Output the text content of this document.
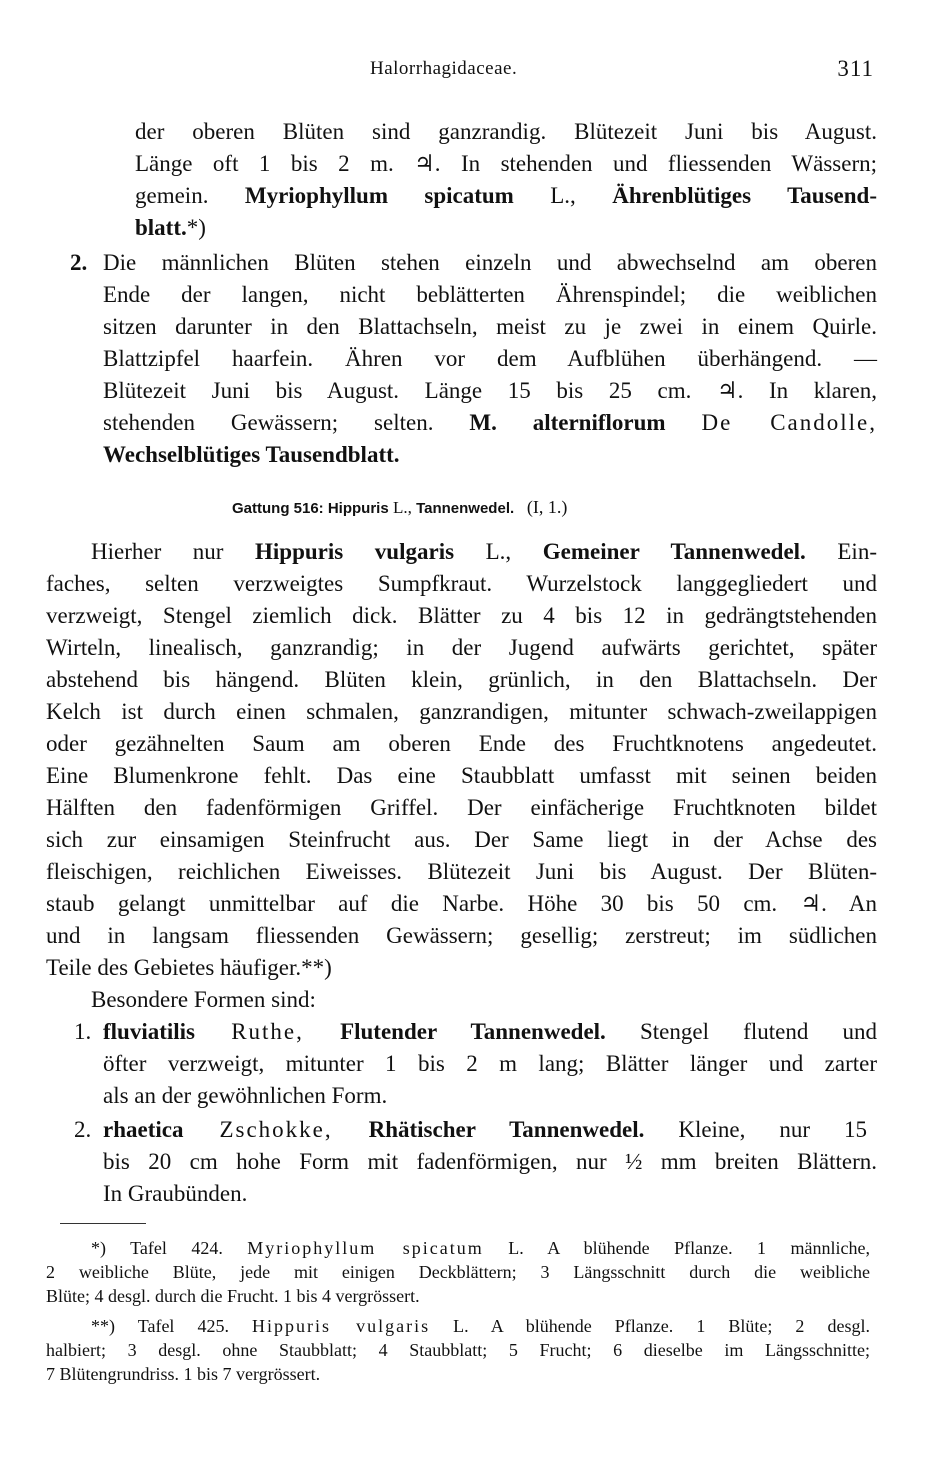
Halorrhagidaceae.	311
der oberen Blüten sind ganzrandig. Blütezeit Juni bis August.
Länge oft 1 bis 2 m. ♃. In stehenden und fliessenden Wässern;
gemein. Myriophyllum spicatum L., Ährenblütiges Tausend-
blatt.*)
2. Die männlichen Blüten stehen einzeln und abwechselnd am oberen
Ende der langen, nicht beblätterten Ährenspindel; die weiblichen
sitzen darunter in den Blattachseln, meist zu je zwei in einem Quirle.
Blattzipfel haarfein. Ähren vor dem Aufblühen überhängend. —
Blütezeit Juni bis August. Länge 15 bis 25 cm. ♃. In klaren,
stehenden Gewässern; selten. M. alterniflorum De Candolle,
Wechselblütiges Tausendblatt.
Gattung 516: Hippuris L., Tannenwedel. (I, 1.)
Hierher nur Hippuris vulgaris L., Gemeiner Tannenwedel. Ein-
faches, selten verzweigtes Sumpfkraut. Wurzelstock langgegliedert und
verzweigt, Stengel ziemlich dick. Blätter zu 4 bis 12 in gedrängtstehenden
Wirteln, linealisch, ganzrandig; in der Jugend aufwärts gerichtet, später
abstehend bis hängend. Blüten klein, grünlich, in den Blattachseln. Der
Kelch ist durch einen schmalen, ganzrandigen, mitunter schwach-zweilappigen
oder gezähnelten Saum am oberen Ende des Fruchtknotens angedeutet.
Eine Blumenkrone fehlt. Das eine Staubblatt umfasst mit seinen beiden
Hälften den fadenförmigen Griffel. Der einfächerige Fruchtknoten bildet
sich zur einsamigen Steinfrucht aus. Der Same liegt in der Achse des
fleischigen, reichlichen Eiweisses. Blütezeit Juni bis August. Der Blüten-
staub gelangt unmittelbar auf die Narbe. Höhe 30 bis 50 cm. ♃. An
und in langsam fliessenden Gewässern; gesellig; zerstreut; im südlichen
Teile des Gebietes häufiger.**)
Besondere Formen sind:
1. fluviatilis Ruthe, Flutender Tannenwedel. Stengel flutend und
öfter verzweigt, mitunter 1 bis 2 m lang; Blätter länger und zarter
als an der gewöhnlichen Form.
2. rhaetica Zschokke, Rhätischer Tannenwedel. Kleine, nur 15
bis 20 cm hohe Form mit fadenförmigen, nur ½ mm breiten Blättern.
In Graubünden.
*) Tafel 424. Myriophyllum spicatum L. A blühende Pflanze. 1 männliche,
2 weibliche Blüte, jede mit einigen Deckblättern; 3 Längsschnitt durch die weibliche
Blüte; 4 desgl. durch die Frucht. 1 bis 4 vergrössert.
**) Tafel 425. Hippuris vulgaris L. A blühende Pflanze. 1 Blüte; 2 desgl.
halbiert; 3 desgl. ohne Staubblatt; 4 Staubblatt; 5 Frucht; 6 dieselbe im Längsschnitte;
7 Blütengrundriss. 1 bis 7 vergrössert.
